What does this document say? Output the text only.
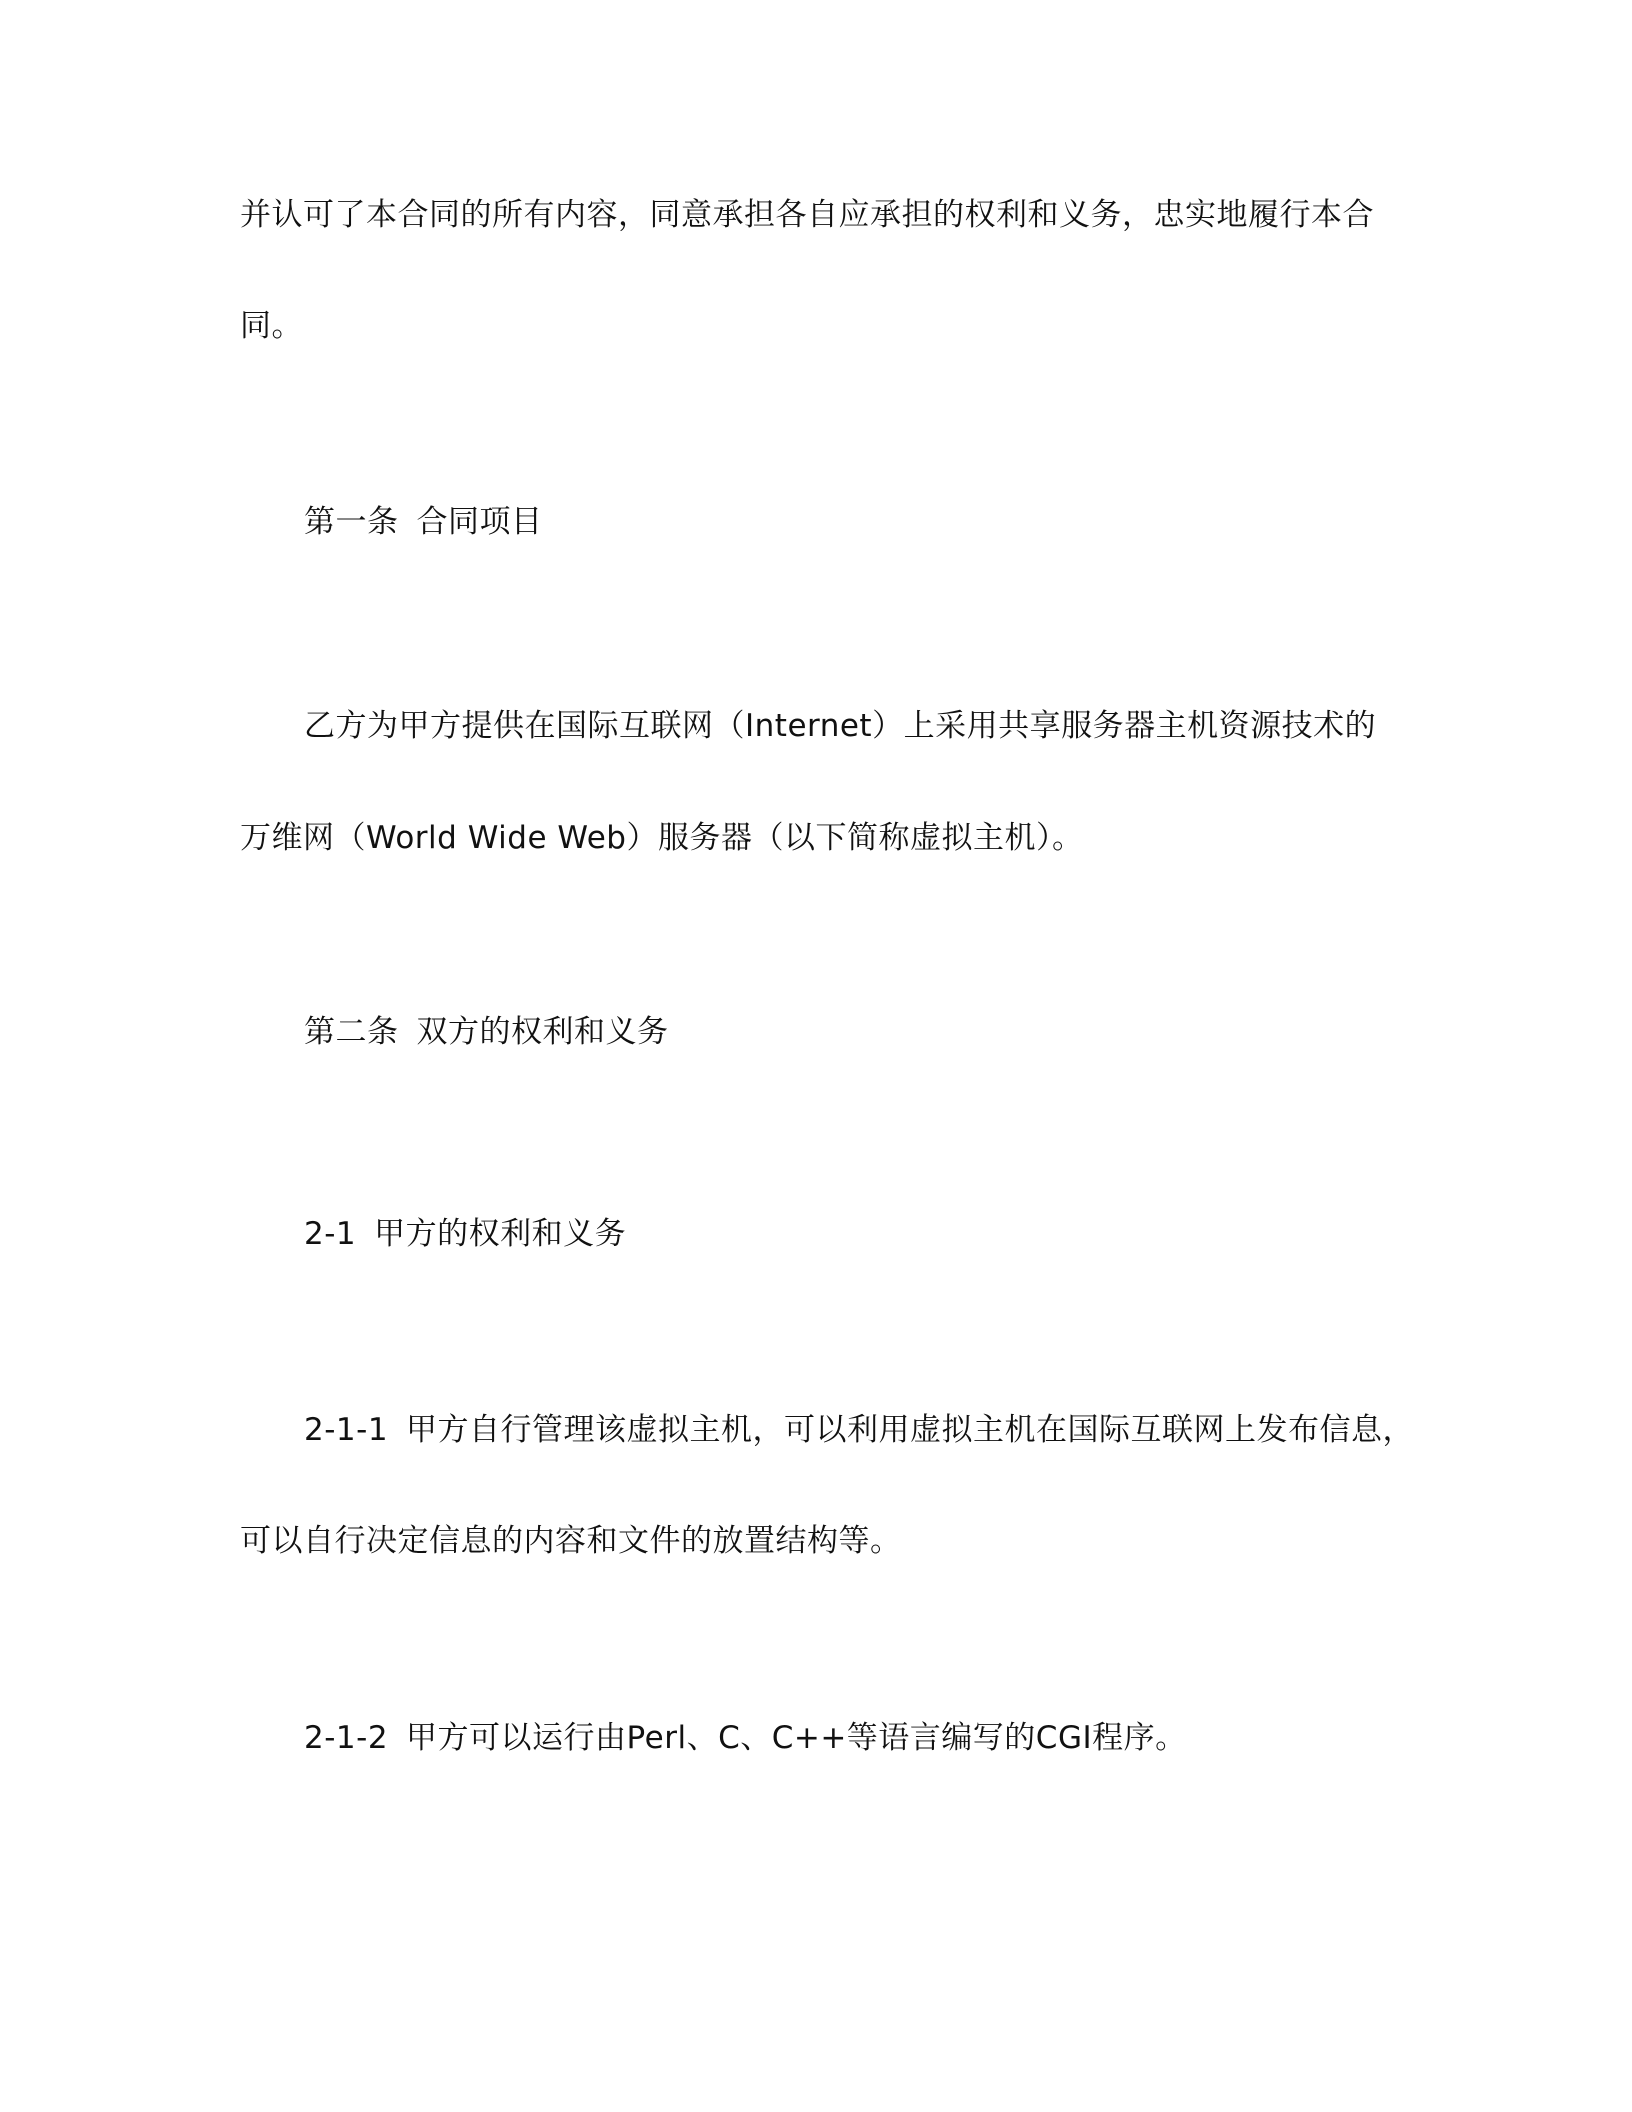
并认可了本合同的所有内容，同意承担各自应承担的权利和义务，忠实地履行本合
同。
第一条 合同项目
乙方为甲方提供在国际互联网（Internet）上采用共享服务器主机资源技术的
万维网（World Wide Web）服务器（以下简称虚拟主机）。
第二条 双方的权利和义务
2-1 甲方的权利和义务
2-1-1 甲方自行管理该虚拟主机，可以利用虚拟主机在国际互联网上发布信息，
可以自行决定信息的内容和文件的放置结构等。
2-1-2 甲方可以运行由Perl、C、C++等语言编写的CGI程序。
